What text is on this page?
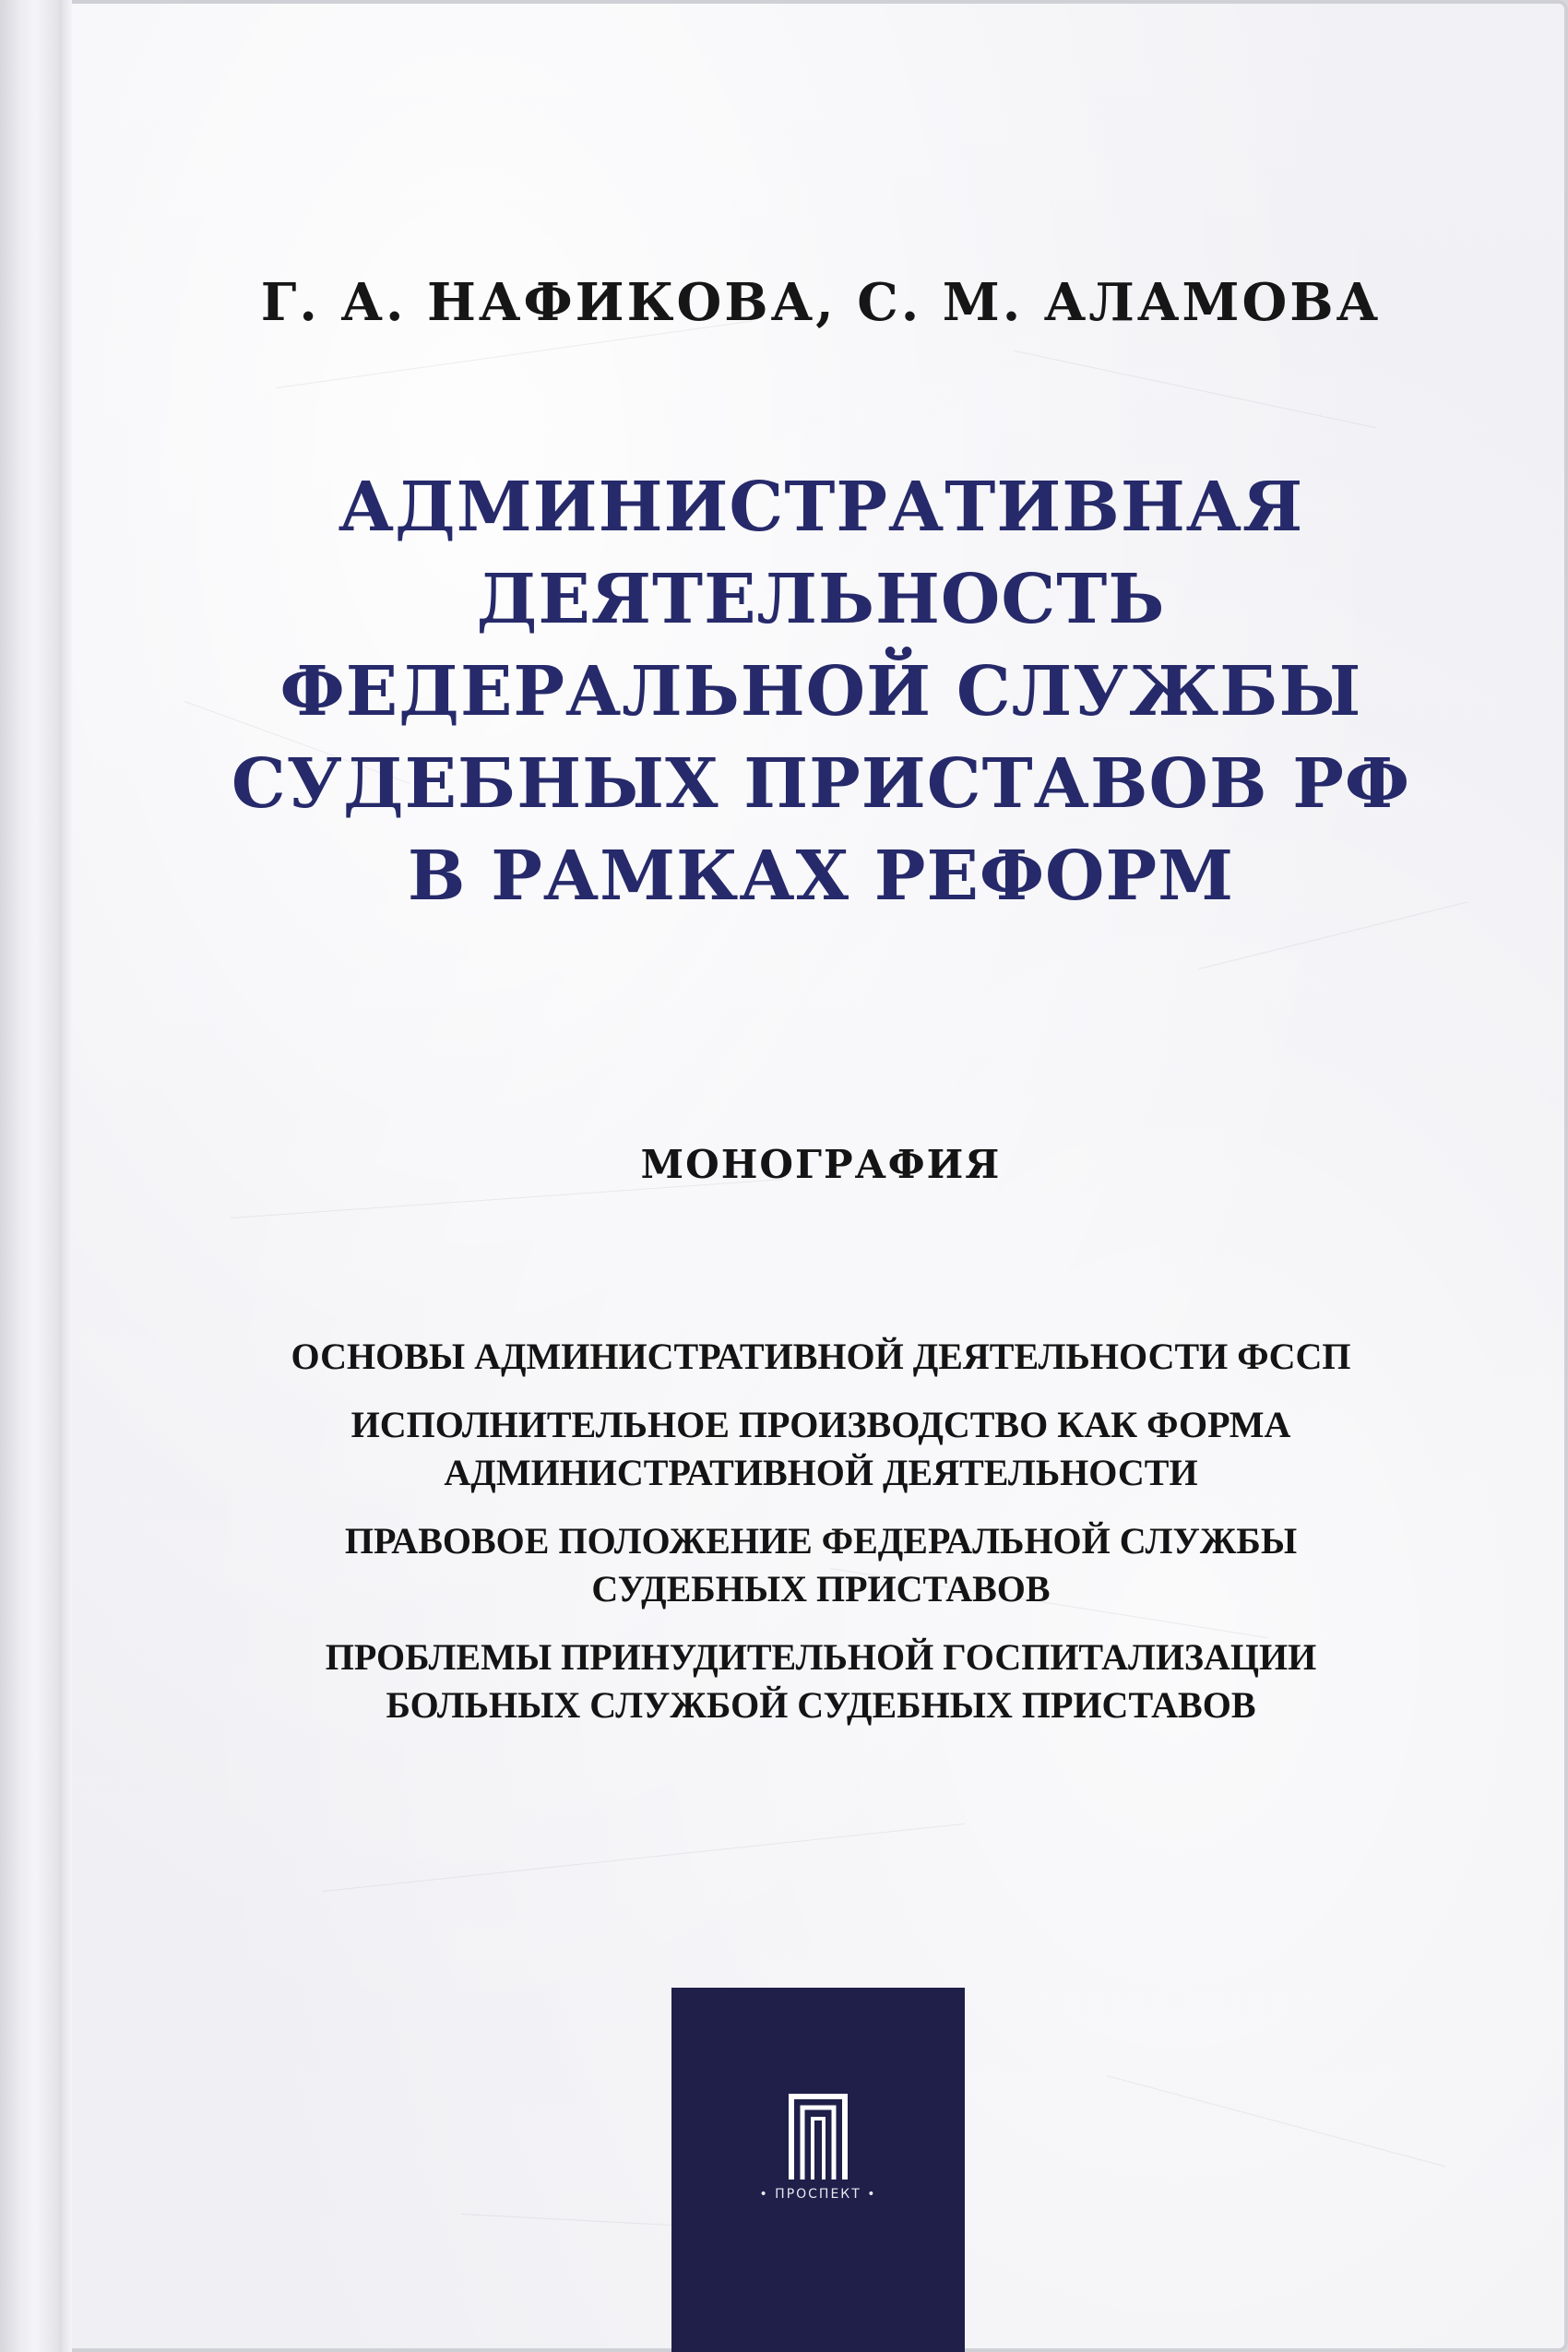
Г. А. НАФИКОВА, С. М. АЛАМОВА
АДМИНИСТРАТИВНАЯ
ДЕЯТЕЛЬНОСТЬ
ФЕДЕРАЛЬНОЙ СЛУЖБЫ
СУДЕБНЫХ ПРИСТАВОВ РФ
В РАМКАХ РЕФОРМ
МОНОГРАФИЯ
ОСНОВЫ АДМИНИСТРАТИВНОЙ ДЕЯТЕЛЬНОСТИ ФССП
ИСПОЛНИТЕЛЬНОЕ ПРОИЗВОДСТВО КАК ФОРМА
АДМИНИСТРАТИВНОЙ ДЕЯТЕЛЬНОСТИ
ПРАВОВОЕ ПОЛОЖЕНИЕ ФЕДЕРАЛЬНОЙ СЛУЖБЫ
СУДЕБНЫХ ПРИСТАВОВ
ПРОБЛЕМЫ ПРИНУДИТЕЛЬНОЙ ГОСПИТАЛИЗАЦИИ
БОЛЬНЫХ СЛУЖБОЙ СУДЕБНЫХ ПРИСТАВОВ
• ПРОСПЕКТ •
